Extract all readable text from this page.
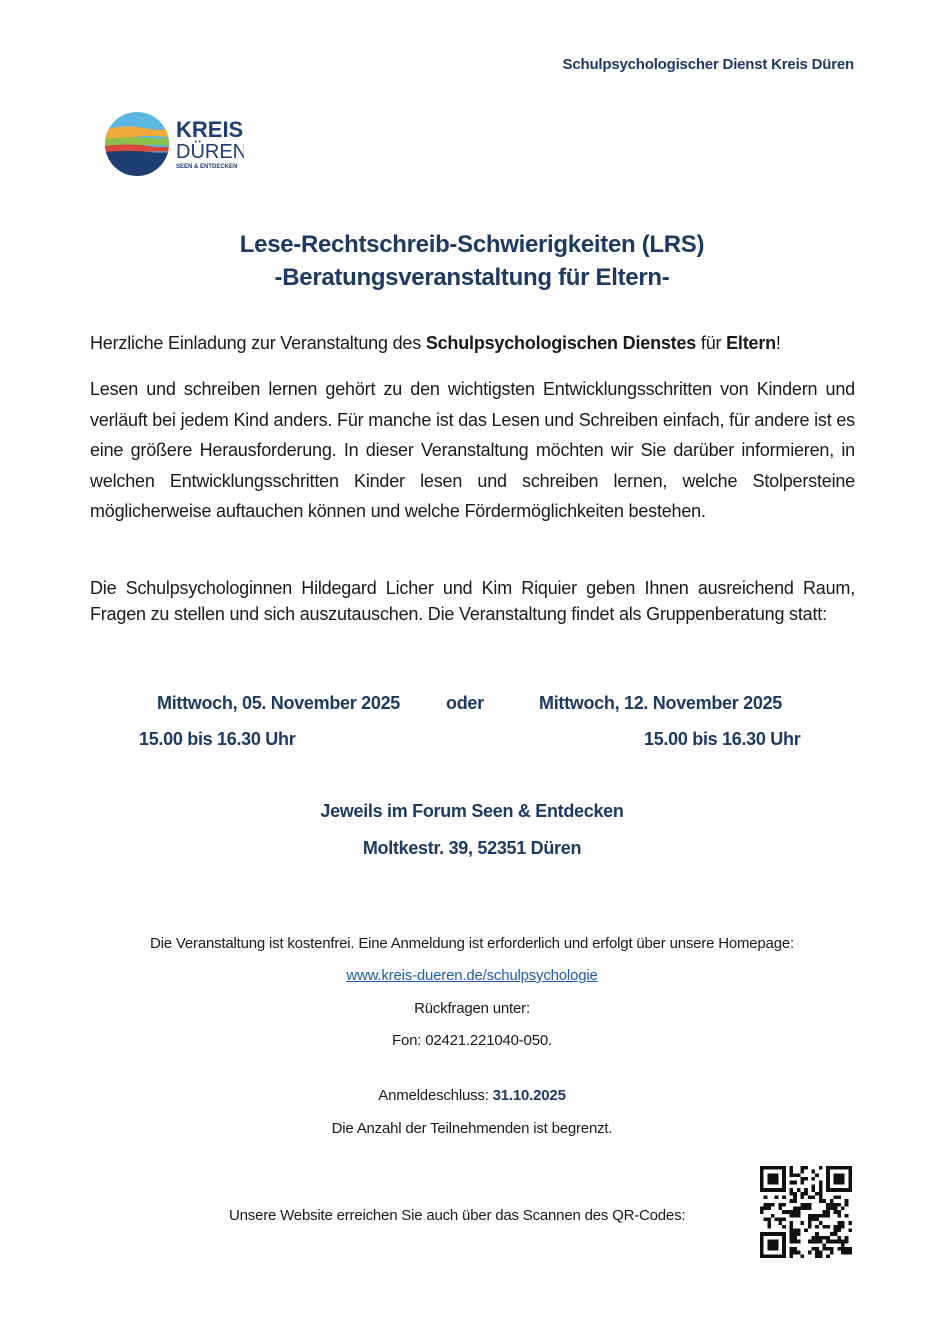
Schulpsychologischer Dienst Kreis Düren
KREIS
DÜREN
SEEN & ENTDECKEN
Lese-Rechtschreib-Schwierigkeiten (LRS)
-Beratungsveranstaltung für Eltern-
Herzliche Einladung zur Veranstaltung des Schulpsychologischen Dienstes für Eltern!
Lesen und schreiben lernen gehört zu den wichtigsten Entwicklungsschritten von Kindern und verläuft bei jedem Kind anders. Für manche ist das Lesen und Schreiben einfach, für andere ist es eine größere Herausforderung. In dieser Veranstaltung möchten wir Sie darüber informieren, in welchen Entwicklungsschritten Kinder lesen und schreiben lernen, welche Stolpersteine möglicherweise auftauchen können und welche Fördermöglichkeiten bestehen.
Die Schulpsychologinnen Hildegard Licher und Kim Riquier geben Ihnen ausreichend Raum, Fragen zu stellen und sich auszutauschen. Die Veranstaltung findet als Gruppenberatung statt:
Mittwoch, 05. November 2025	oder	Mittwoch, 12. November 2025
15.00 bis 16.30 Uhr	15.00 bis 16.30 Uhr
Jeweils im Forum Seen & Entdecken
Moltkestr. 39, 52351 Düren
Die Veranstaltung ist kostenfrei. Eine Anmeldung ist erforderlich und erfolgt über unsere Homepage:
www.kreis-dueren.de/schulpsychologie
Rückfragen unter:
Fon: 02421.221040-050.
Anmeldeschluss: 31.10.2025
Die Anzahl der Teilnehmenden ist begrenzt.
Unsere Website erreichen Sie auch über das Scannen des QR-Codes:
